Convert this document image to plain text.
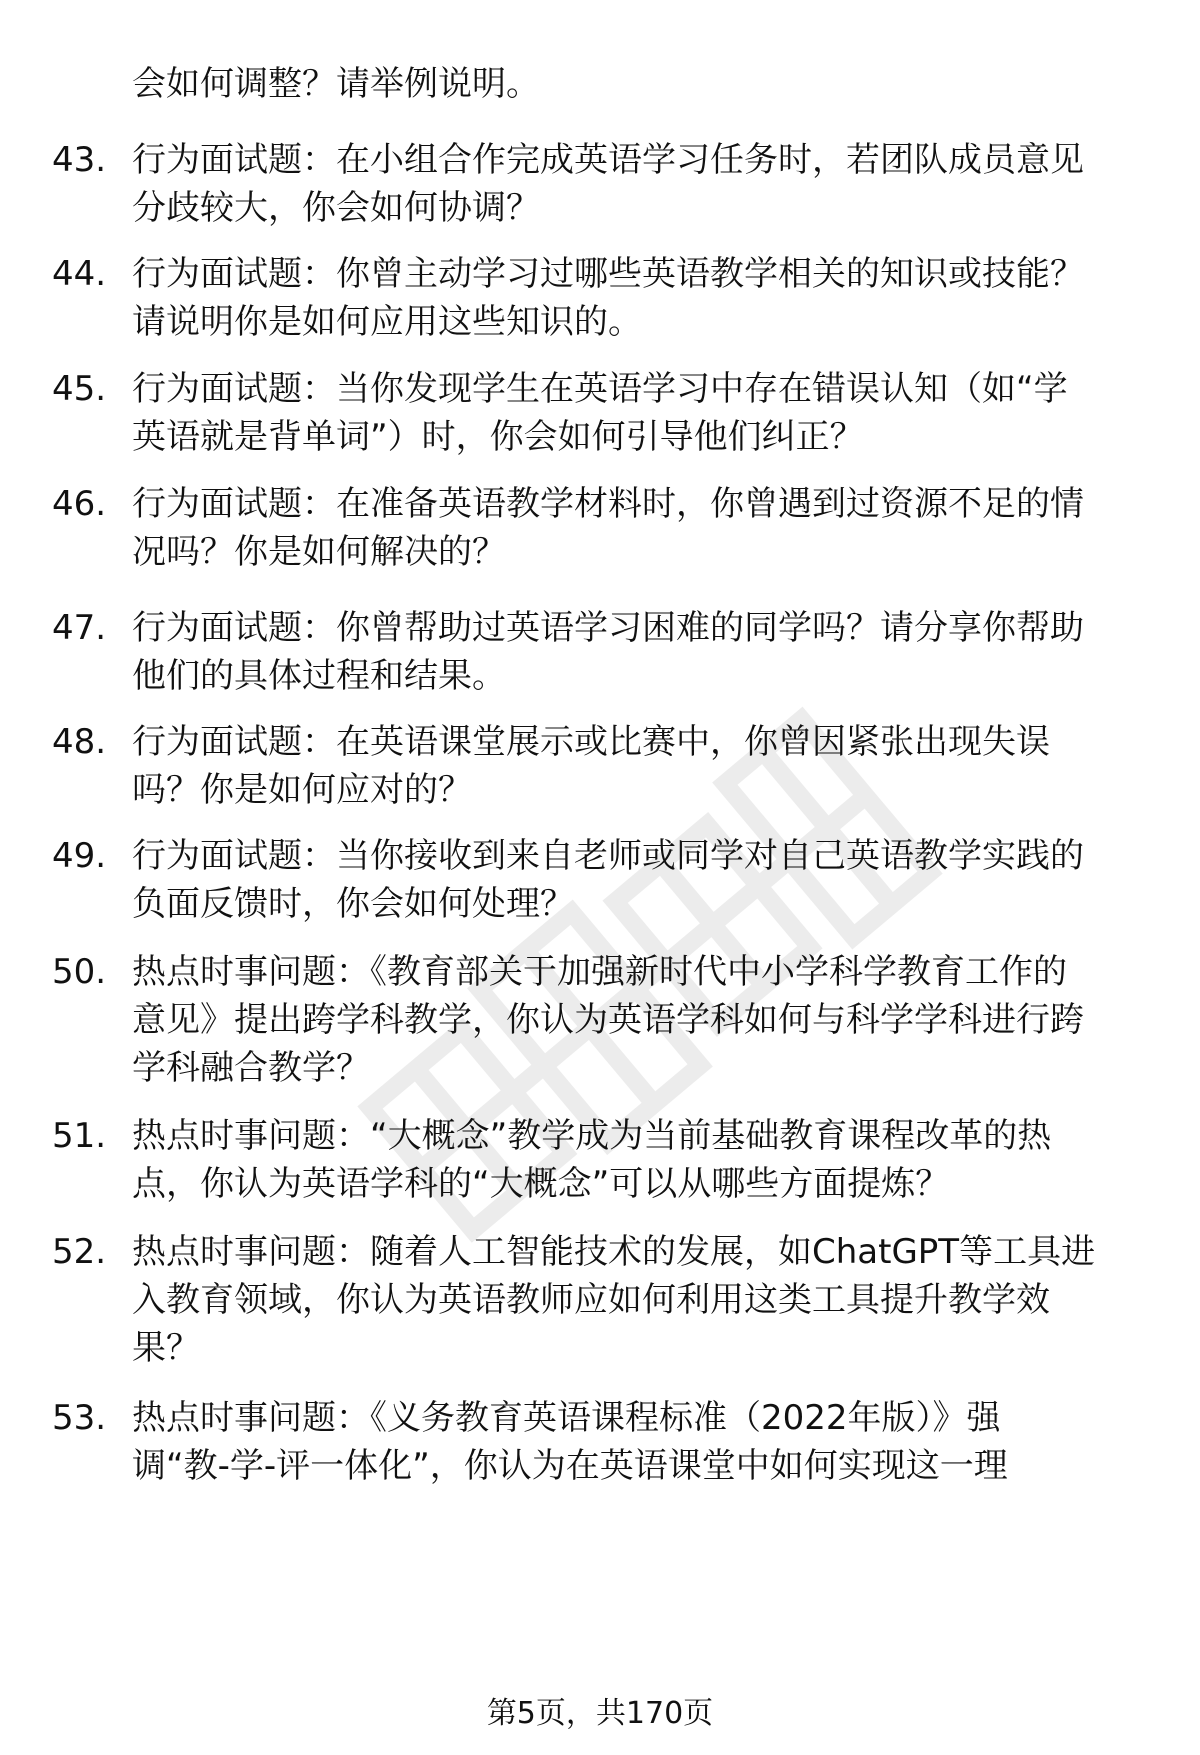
会如何调整？请举例说明。
43. 行为面试题：在小组合作完成英语学习任务时，若团队成员意见
分歧较大，你会如何协调？
44. 行为面试题：你曾主动学习过哪些英语教学相关的知识或技能？
请说明你是如何应用这些知识的。
45. 行为面试题：当你发现学生在英语学习中存在错误认知（如“学
英语就是背单词”）时，你会如何引导他们纠正？
46. 行为面试题：在准备英语教学材料时，你曾遇到过资源不足的情
况吗？你是如何解决的？
47. 行为面试题：你曾帮助过英语学习困难的同学吗？请分享你帮助
他们的具体过程和结果。
48. 行为面试题：在英语课堂展示或比赛中，你曾因紧张出现失误
吗？你是如何应对的？
49. 行为面试题：当你接收到来自老师或同学对自己英语教学实践的
负面反馈时，你会如何处理？
50. 热点时事问题：《教育部关于加强新时代中小学科学教育工作的
意见》提出跨学科教学，你认为英语学科如何与科学学科进行跨
学科融合教学？
51. 热点时事问题：“大概念”教学成为当前基础教育课程改革的热
点，你认为英语学科的“大概念”可以从哪些方面提炼？
52. 热点时事问题：随着人工智能技术的发展，如ChatGPT等工具进
入教育领域，你认为英语教师应如何利用这类工具提升教学效
果？
53. 热点时事问题：《义务教育英语课程标准（2022年版）》强
调“教-学-评一体化”，你认为在英语课堂中如何实现这一理
第5页，共170页
